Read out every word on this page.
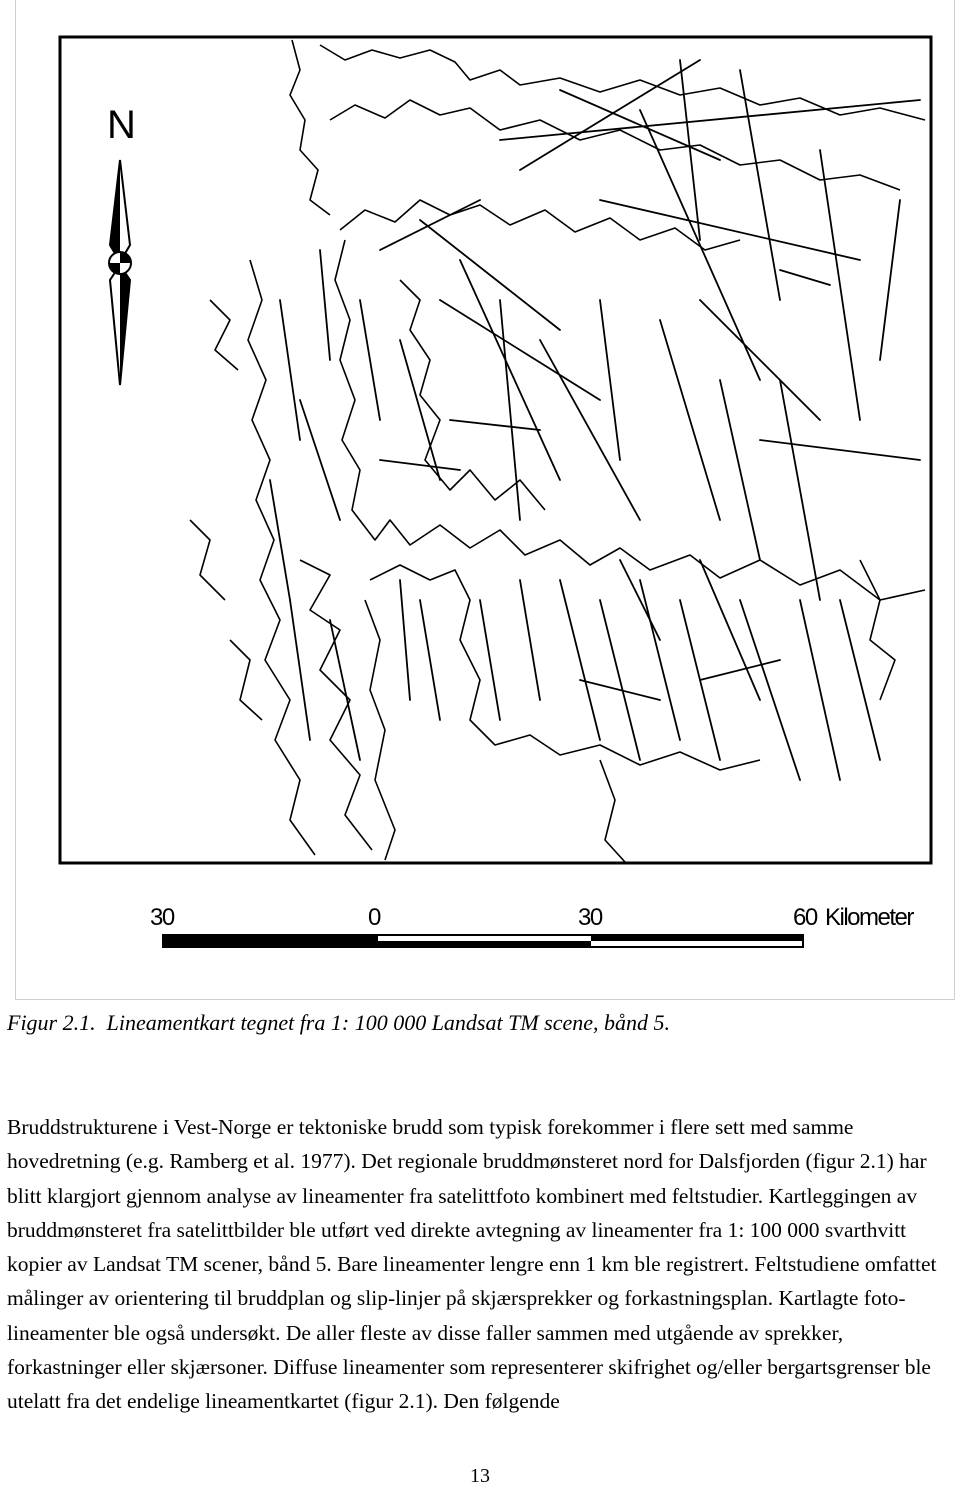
N
30	0	30	60 Kilometer
Figur 2.1. Lineamentkart tegnet fra 1: 100 000 Landsat TM scene, bånd 5.

Bruddstrukturene i Vest-Norge er tektoniske brudd som typisk forekommer i flere sett med samme hovedretning (e.g. Ramberg et al. 1977). Det regionale bruddmønsteret nord for Dalsfjorden (figur 2.1) har blitt klargjort gjennom analyse av lineamenter fra satelittfoto kombinert med feltstudier. Kartleggingen av bruddmønsteret fra satelittbilder ble utført ved direkte avtegning av lineamenter fra 1: 100 000 svarthvitt kopier av Landsat TM scener, bånd 5. Bare lineamenter lengre enn 1 km ble registrert. Feltstudiene omfattet målinger av orientering til bruddplan og slip-linjer på skjærsprekker og forkastningsplan. Kartlagte foto-lineamenter ble også undersøkt. De aller fleste av disse faller sammen med utgående av sprekker, forkastninger eller skjærsoner. Diffuse lineamenter som representerer skifrighet og/eller bergartsgrenser ble utelatt fra det endelige lineamentkartet (figur 2.1). Den følgende

13
